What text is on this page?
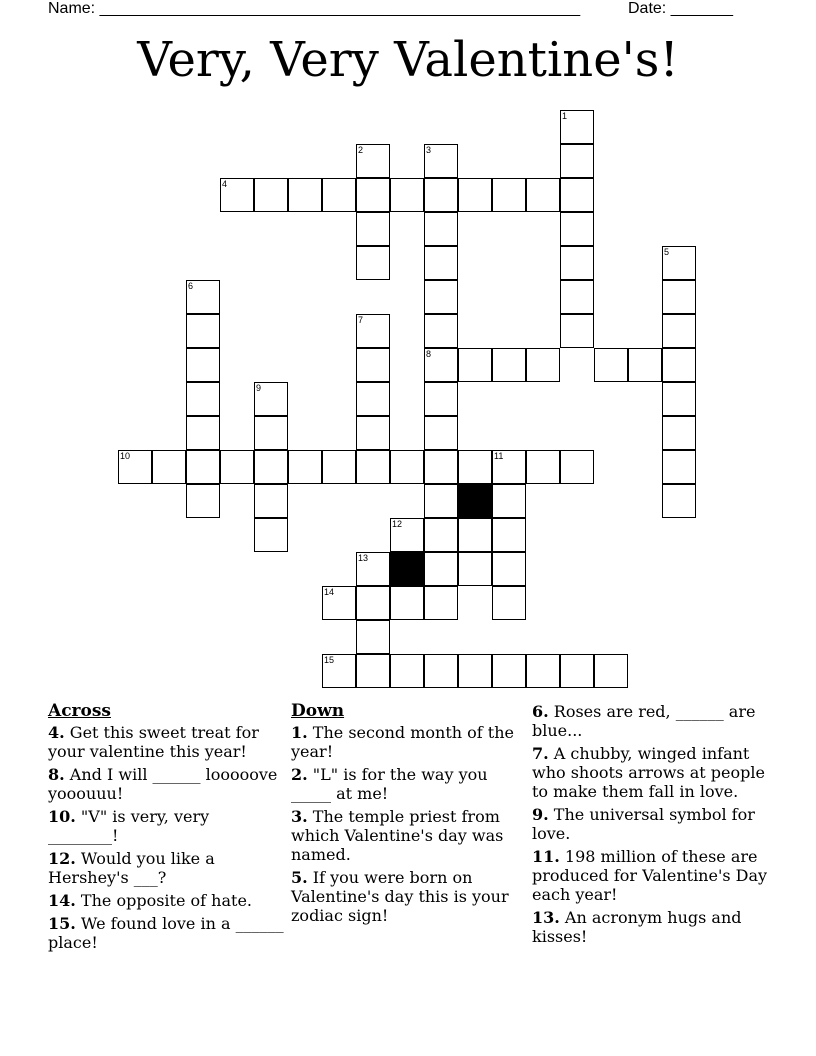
Name: ______________________________________________________	Date: _______
Very, Very Valentine's!
1
2	3
4
5
6
7
8
9
10	11
12
13
14
15
Across
4. Get this sweet treat for your valentine this year!
8. And I will ______ looooove yooouuu!
10. "V" is very, very ________!
12. Would you like a Hershey's ___?
14. The opposite of hate.
15. We found love in a ______ place!
Down
1. The second month of the year!
2. "L" is for the way you _____ at me!
3. The temple priest from which Valentine's day was named.
5. If you were born on Valentine's day this is your zodiac sign!
6. Roses are red, ______ are blue...
7. A chubby, winged infant who shoots arrows at people to make them fall in love.
9. The universal symbol for love.
11. 198 million of these are produced for Valentine's Day each year!
13. An acronym hugs and kisses!
